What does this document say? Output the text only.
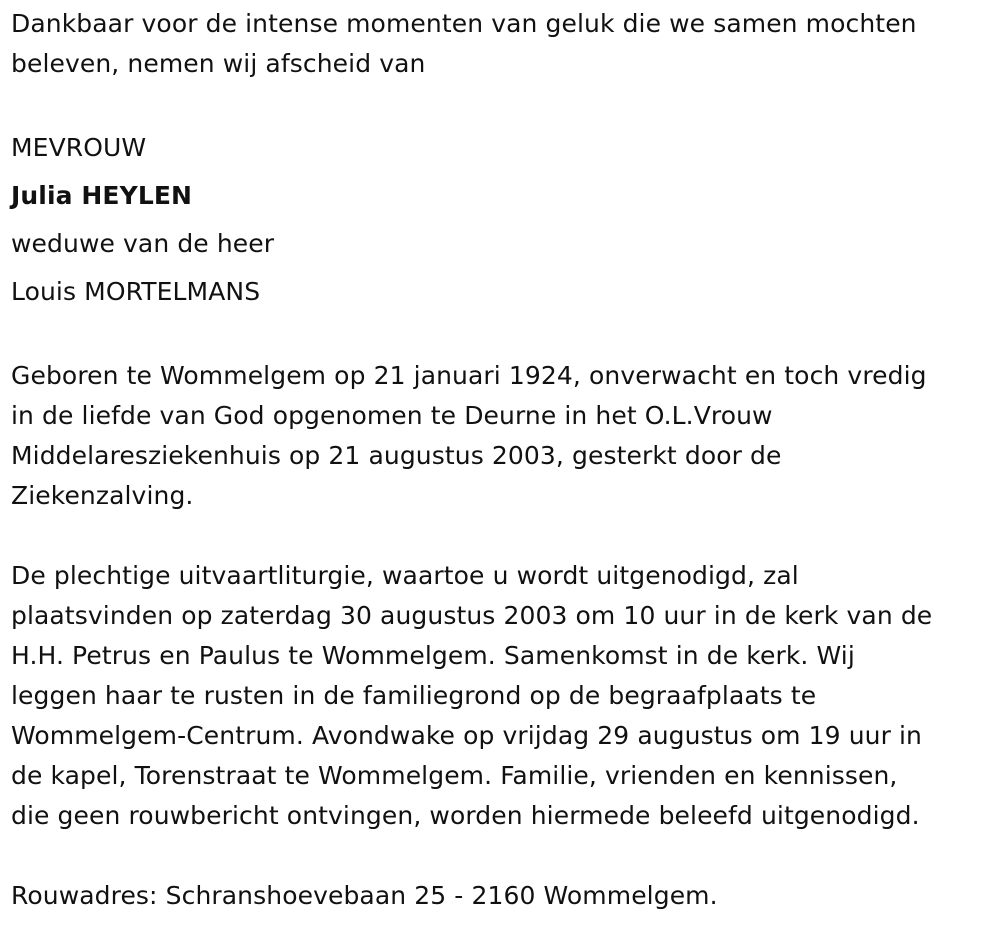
Dankbaar voor de intense momenten van geluk die we samen mochten
beleven, nemen wij afscheid van
MEVROUW
Julia HEYLEN
weduwe van de heer
Louis MORTELMANS
Geboren te Wommelgem op 21 januari 1924, onverwacht en toch vredig
in de liefde van God opgenomen te Deurne in het O.L.Vrouw
Middelaresziekenhuis op 21 augustus 2003, gesterkt door de
Ziekenzalving.
De plechtige uitvaartliturgie, waartoe u wordt uitgenodigd, zal
plaatsvinden op zaterdag 30 augustus 2003 om 10 uur in de kerk van de
H.H. Petrus en Paulus te Wommelgem. Samenkomst in de kerk. Wij
leggen haar te rusten in de familiegrond op de begraafplaats te
Wommelgem-Centrum. Avondwake op vrijdag 29 augustus om 19 uur in
de kapel, Torenstraat te Wommelgem. Familie, vrienden en kennissen,
die geen rouwbericht ontvingen, worden hiermede beleefd uitgenodigd.
Rouwadres: Schranshoevebaan 25 - 2160 Wommelgem.
